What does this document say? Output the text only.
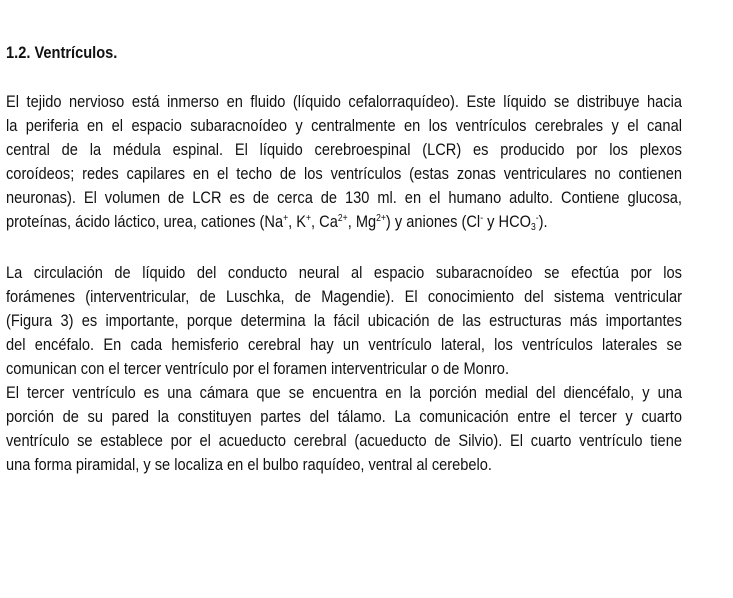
1.2. Ventrículos.
El tejido nervioso está inmerso en fluido (líquido cefalorraquídeo). Este líquido se distribuye hacia
la periferia en el espacio subaracnoídeo y centralmente en los ventrículos cerebrales y el canal
central de la médula espinal. El líquido cerebroespinal (LCR) es producido por los plexos
coroídeos; redes capilares en el techo de los ventrículos (estas zonas ventriculares no contienen
neuronas). El volumen de LCR es de cerca de 130 ml. en el humano adulto. Contiene glucosa,
proteínas, ácido láctico, urea, cationes (Na+, K+, $Ca^{2+}$, $Mg^{2+}$) y aniones (Cl- y $HCO_3^-$).
La circulación de líquido del conducto neural al espacio subaracnoídeo se efectúa por los
forámenes (interventricular, de Luschka, de Magendie). El conocimiento del sistema ventricular
(Figura 3) es importante, porque determina la fácil ubicación de las estructuras más importantes
del encéfalo. En cada hemisferio cerebral hay un ventrículo lateral, los ventrículos laterales se
comunican con el tercer ventrículo por el foramen interventricular o de Monro.
El tercer ventrículo es una cámara que se encuentra en la porción medial del diencéfalo, y una
porción de su pared la constituyen partes del tálamo. La comunicación entre el tercer y cuarto
ventrículo se establece por el acueducto cerebral (acueducto de Silvio). El cuarto ventrículo tiene
una forma piramidal, y se localiza en el bulbo raquídeo, ventral al cerebelo.
